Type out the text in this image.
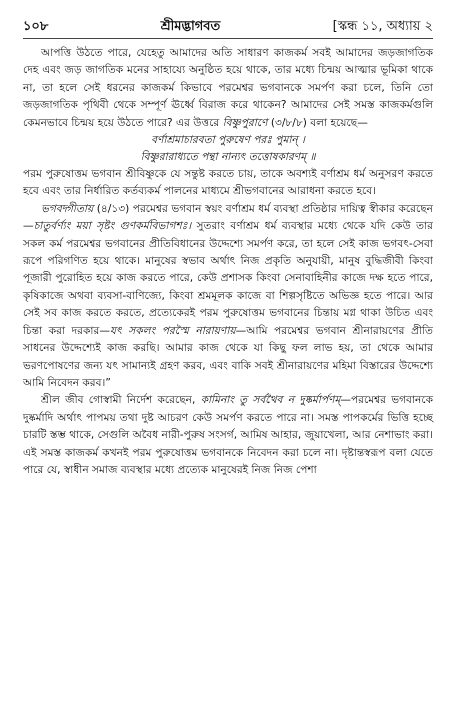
১০৮	শ্রীমদ্ভাগবত	[স্কন্ধ ১১, অধ্যায় ২

আপত্তি উঠতে পারে, যেহেতু আমাদের অতি সাধারণ কাজকর্ম সবই আমাদের জড়জাগতিক দেহ এবং জড় জাগতিক মনের সাহায্যে অনুষ্ঠিত হয়ে থাকে, তার মধ্যে চিন্ময় আত্মার ভূমিকা থাকে না, তা হলে সেই ধরনের কাজকর্ম কিভাবে পরমেশ্বর ভগবানকে সমর্পণ করা চলে, তিনি তো জড়জাগতিক পৃথিবী থেকে সম্পূর্ণ ঊর্ধ্বে বিরাজ করে থাকেন? আমাদের সেই সমস্ত কাজকর্মগুলি কেমনভাবে চিন্ময় হয়ে উঠতে পারে? এর উত্তরে বিষ্ণুপুরাণে (৩/৮/৮) বলা হয়েছে—

বর্ণাশ্রমাচারবতা পুরুষেণ পরঃ পুমান্ ।

বিষ্ণুরারাধ্যতে পন্থা নান্যৎ তত্তোষকারণম্ ॥

পরম পুরুষোত্তম ভগবান শ্রীবিষ্ণুকে যে সন্তুষ্ট করতে চায়, তাকে অবশ্যই বর্ণাশ্রম ধর্ম অনুসরণ করতে হবে এবং তার নির্ধারিত কর্তব্যকর্ম পালনের মাধ্যমে শ্রীভগবানের আরাধনা করতে হবে।

ভগবদ্গীতায় (৪/১৩) পরমেশ্বর ভগবান স্বয়ং বর্ণাশ্রম ধর্ম ব্যবস্থা প্রতিষ্ঠার দায়িত্ব স্বীকার করেছেন—চাতুর্বর্ণ্যং ময়া সৃষ্টং গুণকর্মবিভাগশঃ। সুতরাং বর্ণাশ্রম ধর্ম ব্যবস্থার মধ্যে থেকে যদি কেউ তার সকল কর্ম পরমেশ্বর ভগবানের প্রীতিবিধানের উদ্দেশ্যে সমর্পণ করে, তা হলে সেই কাজ ভগবৎ-সেবা রূপে পরিগণিত হয়ে থাকে। মানুষের স্বভাব অর্থাৎ নিজ প্রকৃতি অনুযায়ী, মানুষ বুদ্ধিজীবী কিংবা পূজারী পুরোহিত হয়ে কাজ করতে পারে, কেউ প্রশাসক কিংবা সেনাবাহিনীর কাজে দক্ষ হতে পারে, কৃষিকাজে অথবা ব্যবসা-বাণিজ্যে, কিংবা শ্রমমূলক কাজে বা শিল্পসৃষ্টিতে অভিজ্ঞ হতে পারে। আর সেই সব কাজ করতে করতে, প্রত্যেকেরই পরম পুরুষোত্তম ভগবানের চিন্তায় মগ্ন থাকা উচিত এবং চিন্তা করা দরকার—যৎ সকলং পরস্মৈ নারায়ণায়—আমি পরমেশ্বর ভগবান শ্রীনারায়ণের প্রীতি সাধনের উদ্দেশ্যেই কাজ করছি। আমার কাজ থেকে যা কিছু ফল লাভ হয়, তা থেকে আমার ভরণপোষণের জন্য যৎ সামান্যই গ্রহণ করব, এবং বাকি সবই শ্রীনারায়ণের মহিমা বিস্তারের উদ্দেশ্যে আমি নিবেদন করব।”

শ্রীল জীব গোস্বামী নির্দেশ করেছেন, কামিনাং তু সর্বথৈব ন দুষ্কর্মার্পণম্—পরমেশ্বর ভগবানকে দুষ্কর্মাদি অর্থাৎ পাপময় তথা দুষ্ট আচরণ কেউ সমর্পণ করতে পারে না। সমস্ত পাপকর্মের ভিত্তি হচ্ছে চারটি স্তম্ভ থাকে, সেগুলি অবৈধ নারী-পুরুষ সংসর্গ, আমিষ আহার, জুয়াখেলা, আর নেশাভাং করা। এই সমস্ত কাজকর্ম কখনই পরম পুরুষোত্তম ভগবানকে নিবেদন করা চলে না। দৃষ্টান্তস্বরূপ বলা যেতে পারে যে, স্বাধীন সমাজ ব্যবস্থার মধ্যে প্রত্যেক মানুষেরই নিজ নিজ পেশা
